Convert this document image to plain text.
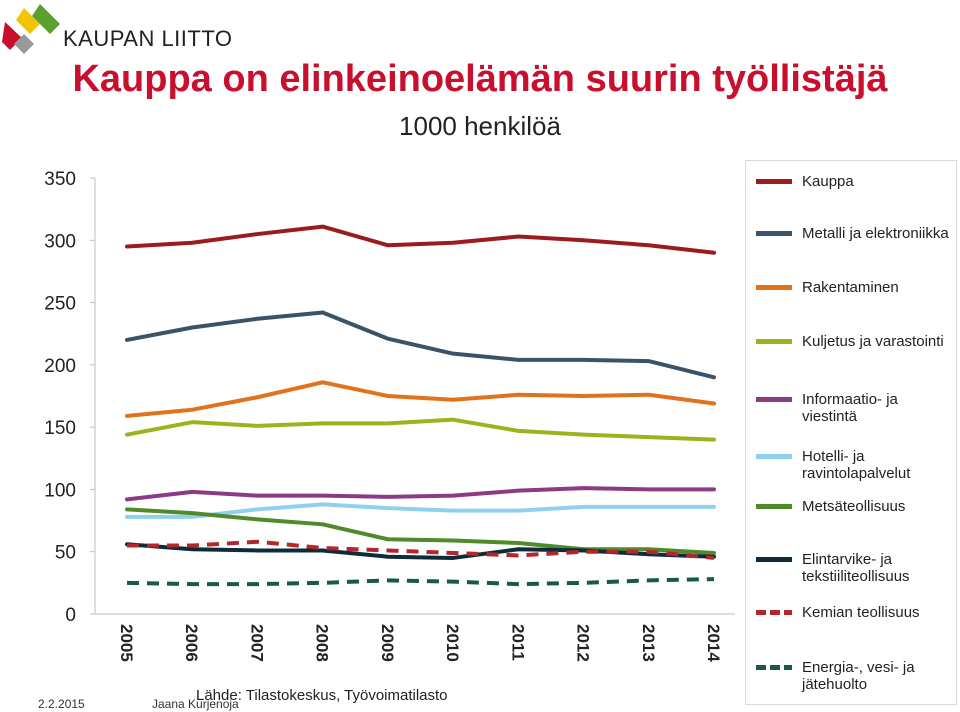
KAUPAN LIITTO
Kauppa on elinkeinoelämän suurin työllistäjä
1000 henkilöä
0
50
100
150
200
250
300
350
2005	2006	2007	2008	2009	2010	2011	2012	2013	2014
Kauppa
Metalli ja elektroniikka
Rakentaminen
Kuljetus ja varastointi
Informaatio- ja viestintä
Hotelli- ja ravintolapalvelut
Metsäteollisuus
Elintarvike- ja tekstiiliteollisuus
Kemian teollisuus
Energia-, vesi- ja jätehuolto
2.2.2015	Jaana Kurjenoja
Lähde: Tilastokeskus, Työvoimatilasto
